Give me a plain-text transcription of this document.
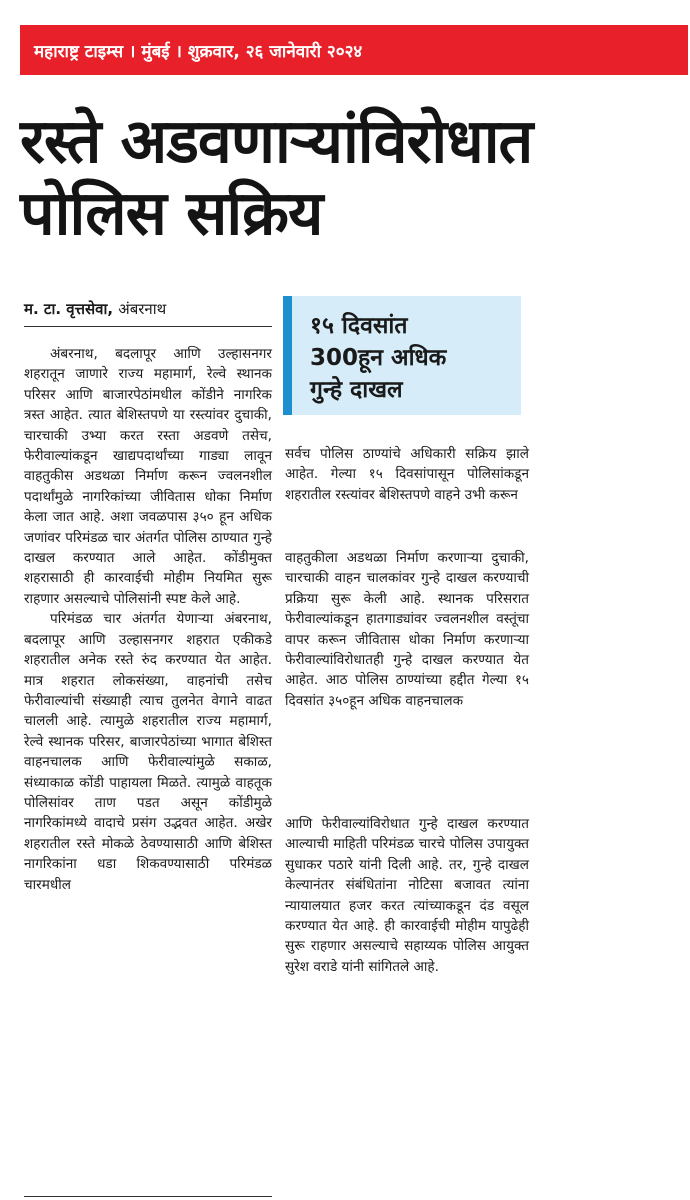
महाराष्ट्र टाइम्स । मुंबई । शुक्रवार, २६ जानेवारी २०२४
रस्ते अडवणाऱ्यांविरोधात
पोलिस सक्रिय
म. टा. वृत्तसेवा, अंबरनाथ

अंबरनाथ, बदलापूर आणि उल्हासनगर शहरातून जाणारे राज्य महामार्ग, रेल्वे स्थानक परिसर आणि बाजारपेठांमधील कोंडीने नागरिक त्रस्त आहेत. त्यात बेशिस्तपणे या रस्त्यांवर दुचाकी, चारचाकी उभ्या करत रस्ता अडवणे तसेच, फेरीवाल्यांकडून खाद्यपदार्थांच्या गाड्या लावून वाहतुकीस अडथळा निर्माण करून ज्वलनशील पदार्थांमुळे नागरिकांच्या जीवितास धोका निर्माण केला जात आहे. अशा जवळपास ३५० हून अधिक जणांवर परिमंडळ चार अंतर्गत पोलिस ठाण्यात गुन्हे दाखल करण्यात आले आहेत. कोंडीमुक्त शहरासाठी ही कारवाईची मोहीम नियमित सुरू राहणार असल्याचे पोलिसांनी स्पष्ट केले आहे.

परिमंडळ चार अंतर्गत येणाऱ्या अंबरनाथ, बदलापूर आणि उल्हासनगर शहरात एकीकडे शहरातील अनेक रस्ते रुंद करण्यात येत आहेत. मात्र शहरात लोकसंख्या, वाहनांची तसेच फेरीवाल्यांची संख्याही त्याच तुलनेत वेगाने वाढत चालली आहे. त्यामुळे शहरातील राज्य महामार्ग, रेल्वे स्थानक परिसर, बाजारपेठांच्या भागात बेशिस्त वाहनचालक आणि फेरीवाल्यांमुळे सकाळ, संध्याकाळ कोंडी पाहायला मिळते. त्यामुळे वाहतूक पोलिसांवर ताण पडत असून कोंडीमुळे नागरिकांमध्ये वादाचे प्रसंग उद्भवत आहेत. अखेर शहरातील रस्ते मोकळे ठेवण्यासाठी आणि बेशिस्त नागरिकांना धडा शिकवण्यासाठी परिमंडळ चारमधील

१५ दिवसांत
300हून अधिक
गुन्हे दाखल

सर्वच पोलिस ठाण्यांचे अधिकारी सक्रिय झाले आहेत. गेल्या १५ दिवसांपासून पोलिसांकडून शहरातील रस्त्यांवर बेशिस्तपणे वाहने उभी करून

वाहतुकीला अडथळा निर्माण करणाऱ्या दुचाकी, चारचाकी वाहन चालकांवर गुन्हे दाखल करण्याची प्रक्रिया सुरू केली आहे. स्थानक परिसरात फेरीवाल्यांकडून हातगाड्यांवर ज्वलनशील वस्तूंचा वापर करून जीवितास धोका निर्माण करणाऱ्या फेरीवाल्यांविरोधातही गुन्हे दाखल करण्यात येत आहेत. आठ पोलिस ठाण्यांच्या हद्दीत गेल्या १५ दिवसांत ३५०हून अधिक वाहनचालक

आणि फेरीवाल्यांविरोधात गुन्हे दाखल करण्यात आल्याची माहिती परिमंडळ चारचे पोलिस उपायुक्त सुधाकर पठारे यांनी दिली आहे. तर, गुन्हे दाखल केल्यानंतर संबंधितांना नोटिसा बजावत त्यांना न्यायालयात हजर करत त्यांच्याकडून दंड वसूल करण्यात येत आहे. ही कारवाईची मोहीम यापुढेही सुरू राहणार असल्याचे सहाय्यक पोलिस आयुक्त सुरेश वराडे यांनी सांगितले आहे.
